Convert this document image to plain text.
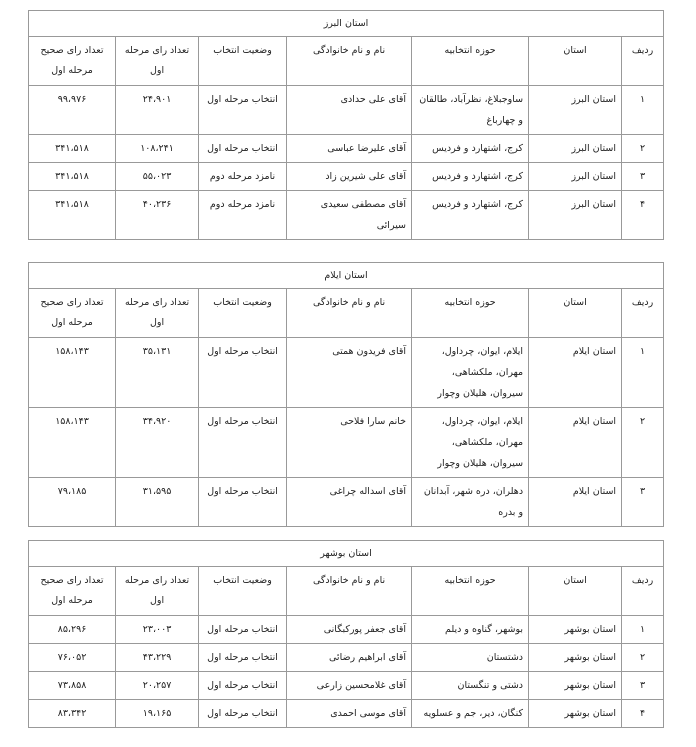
استان البرز						
ردیف	استان	حوزه انتخابیه	نام و نام خانوادگی	وضعیت انتخاب	تعداد رای مرحله اول	تعداد رای صحیح مرحله اول
۱	استان البرز	ساوجبلاغ، نظرآباد، طالقان و چهارباغ	آقای علی حدادی	انتخاب مرحله اول	۲۴،۹۰۱	۹۹،۹۷۶
۲	استان البرز	کرج، اشتهارد و فردیس	آقای علیرضا عباسی	انتخاب مرحله اول	۱۰۸،۲۴۱	۳۴۱،۵۱۸
۳	استان البرز	کرج، اشتهارد و فردیس	آقای علی شیرین زاد	نامزد مرحله دوم	۵۵،۰۲۳	۳۴۱،۵۱۸
۴	استان البرز	کرج، اشتهارد و فردیس	آقای مصطفی سعیدی سیرائی	نامزد مرحله دوم	۴۰،۲۳۶	۳۴۱،۵۱۸
استان ایلام						
ردیف	استان	حوزه انتخابیه	نام و نام خانوادگی	وضعیت انتخاب	تعداد رای مرحله اول	تعداد رای صحیح مرحله اول
۱	استان ایلام	ایلام، ایوان، چرداول، مهران، ملکشاهی، سیروان، هلیلان وچوار	آقای فریدون همتی	انتخاب مرحله اول	۳۵،۱۳۱	۱۵۸،۱۴۳
۲	استان ایلام	ایلام، ایوان، چرداول، مهران، ملکشاهی، سیروان، هلیلان وچوار	خانم سارا فلاحی	انتخاب مرحله اول	۳۴،۹۲۰	۱۵۸،۱۴۳
۳	استان ایلام	دهلران، دره شهر، آبدانان و بدره	آقای اسداله چراغی	انتخاب مرحله اول	۳۱،۵۹۵	۷۹،۱۸۵
استان بوشهر						
ردیف	استان	حوزه انتخابیه	نام و نام خانوادگی	وضعیت انتخاب	تعداد رای مرحله اول	تعداد رای صحیح مرحله اول
۱	استان بوشهر	بوشهر، گناوه و دیلم	آقای جعفر پورکبگانی	انتخاب مرحله اول	۲۳،۰۰۳	۸۵،۲۹۶
۲	استان بوشهر	دشتستان	آقای ابراهیم رضائی	انتخاب مرحله اول	۴۳،۲۲۹	۷۶،۰۵۲
۳	استان بوشهر	دشتی و تنگستان	آقای غلامحسین زارعی	انتخاب مرحله اول	۲۰،۲۵۷	۷۳،۸۵۸
۴	استان بوشهر	کنگان، دیر، جم و عسلویه	آقای موسی احمدی	انتخاب مرحله اول	۱۹،۱۶۵	۸۳،۳۴۲
